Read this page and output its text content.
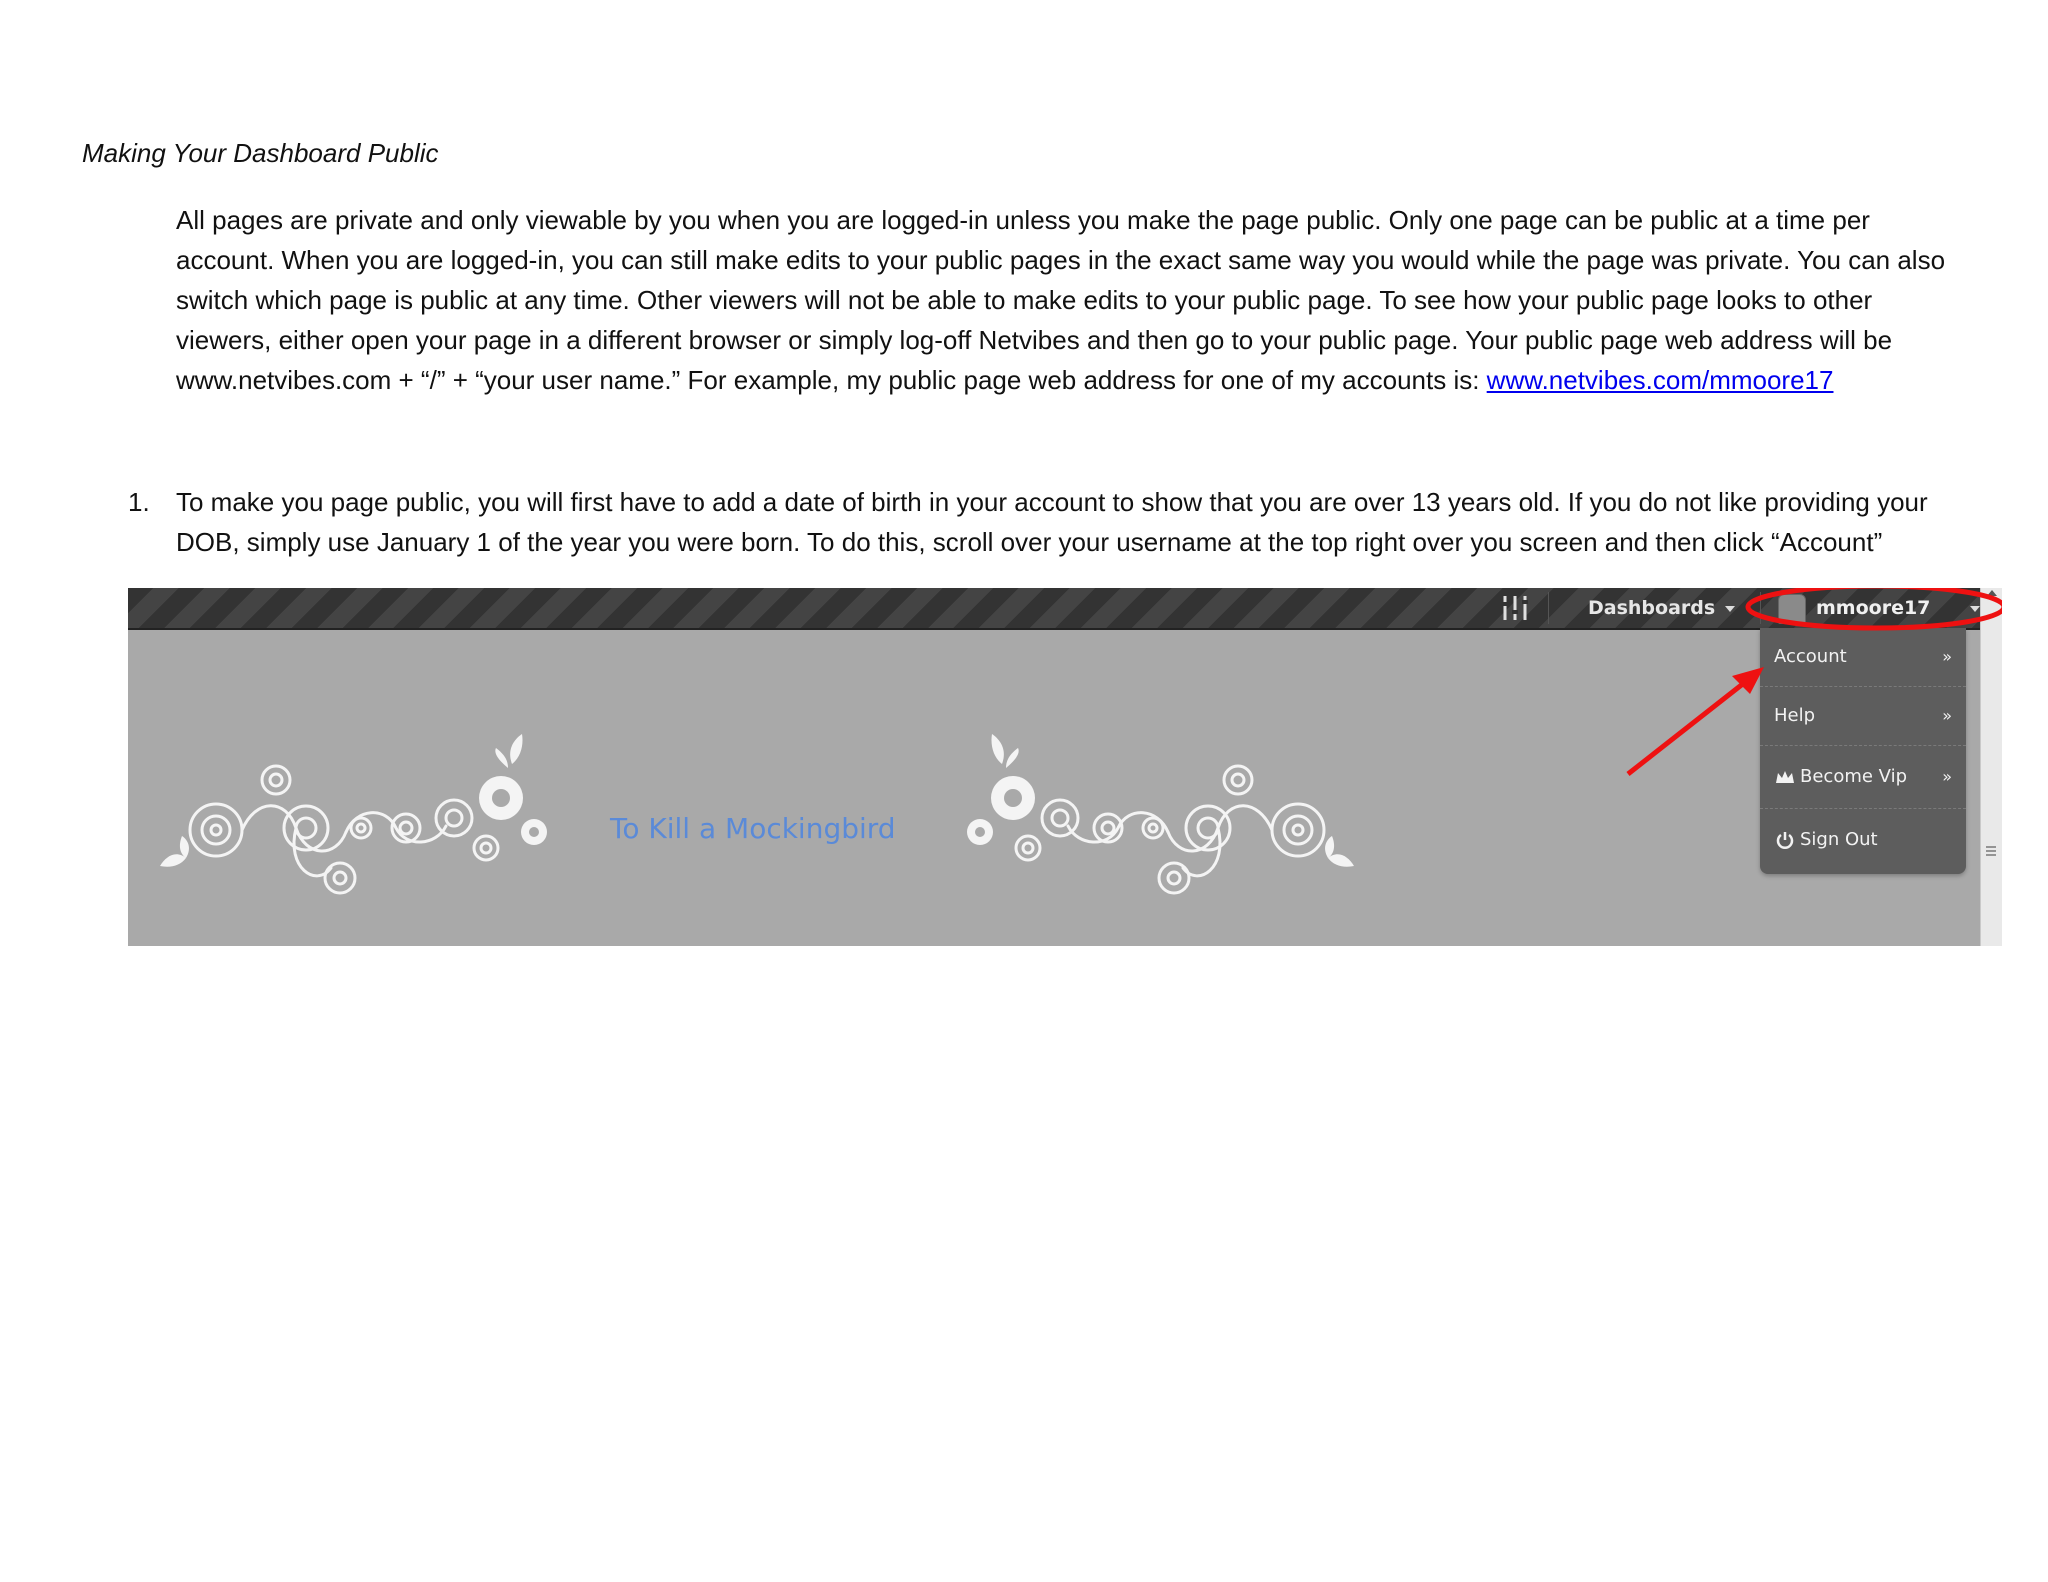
Making Your Dashboard Public

All pages are private and only viewable by you when you are logged-in unless you make the page public. Only one page can be public at a time per account. When you are logged-in, you can still make edits to your public pages in the exact same way you would while the page was private. You can also switch which page is public at any time. Other viewers will not be able to make edits to your public page. To see how your public page looks to other viewers, either open your page in a different browser or simply log-off Netvibes and then go to your public page. Your public page web address will be www.netvibes.com + “/” + “your user name.” For example, my public page web address for one of my accounts is: www.netvibes.com/mmoore17

1.	To make you page public, you will first have to add a date of birth in your account to show that you are over 13 years old. If you do not like providing your DOB, simply use January 1 of the year you were born. To do this, scroll over your username at the top right over you screen and then click “Account”

Dashboards	mmoore17
To Kill a Mockingbird
Account	»
Help	»
Become Vip »
Sign Out
